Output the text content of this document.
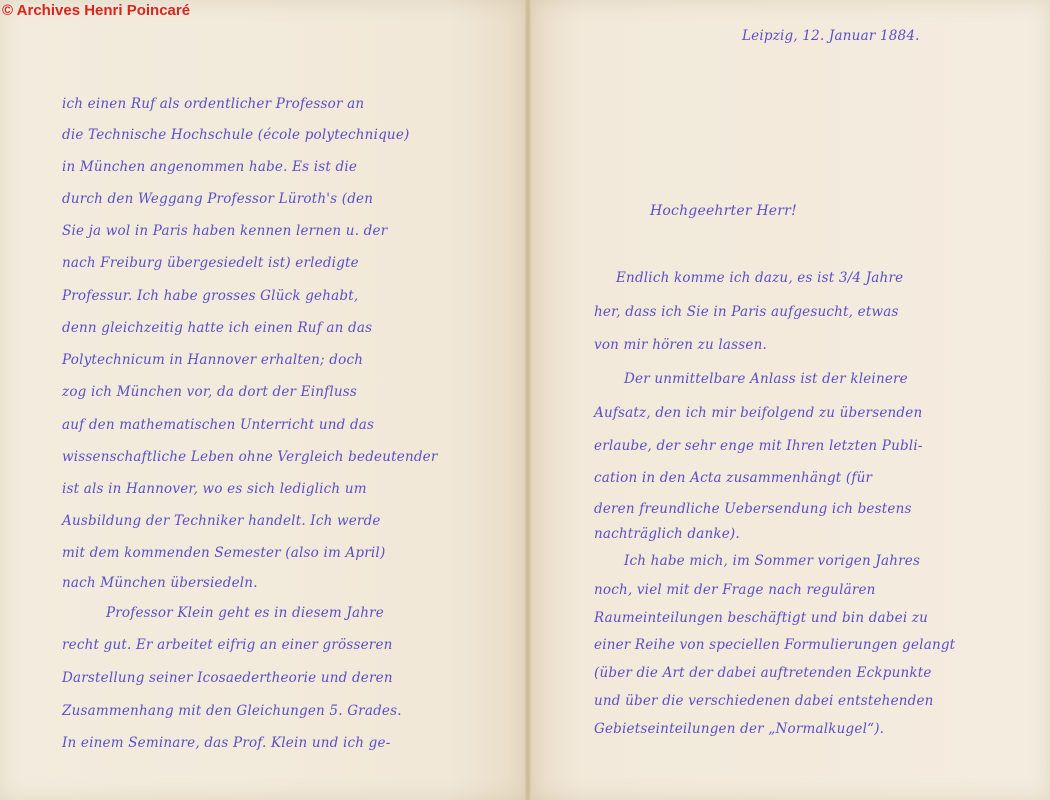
© Archives Henri Poincaré
ich einen Ruf als ordentlicher Professor an
die Technische Hochschule (école polytechnique)
in München angenommen habe. Es ist die
durch den Weggang Professor Lüroth's (den
Sie ja wol in Paris haben kennen lernen u. der
nach Freiburg übergesiedelt ist) erledigte
Professur. Ich habe grosses Glück gehabt,
denn gleichzeitig hatte ich einen Ruf an das
Polytechnicum in Hannover erhalten; doch
zog ich München vor, da dort der Einfluss
auf den mathematischen Unterricht und das
wissenschaftliche Leben ohne Vergleich bedeutender
ist als in Hannover, wo es sich lediglich um
Ausbildung der Techniker handelt. Ich werde
mit dem kommenden Semester (also im April)
nach München übersiedeln.
Professor Klein geht es in diesem Jahre
recht gut. Er arbeitet eifrig an einer grösseren
Darstellung seiner Icosaedertheorie und deren
Zusammenhang mit den Gleichungen 5. Grades.
In einem Seminare, das Prof. Klein und ich ge-
Leipzig, 12. Januar 1884.
Hochgeehrter Herr!
Endlich komme ich dazu, es ist 3/4 Jahre
her, dass ich Sie in Paris aufgesucht, etwas
von mir hören zu lassen.
Der unmittelbare Anlass ist der kleinere
Aufsatz, den ich mir beifolgend zu übersenden
erlaube, der sehr enge mit Ihren letzten Publi-
cation in den Acta zusammenhängt (für
deren freundliche Uebersendung ich bestens
nachträglich danke).
Ich habe mich, im Sommer vorigen Jahres
noch, viel mit der Frage nach regulären
Raumeinteilungen beschäftigt und bin dabei zu
einer Reihe von speciellen Formulierungen gelangt
(über die Art der dabei auftretenden Eckpunkte
und über die verschiedenen dabei entstehenden
Gebietseinteilungen der „Normalkugel“).
